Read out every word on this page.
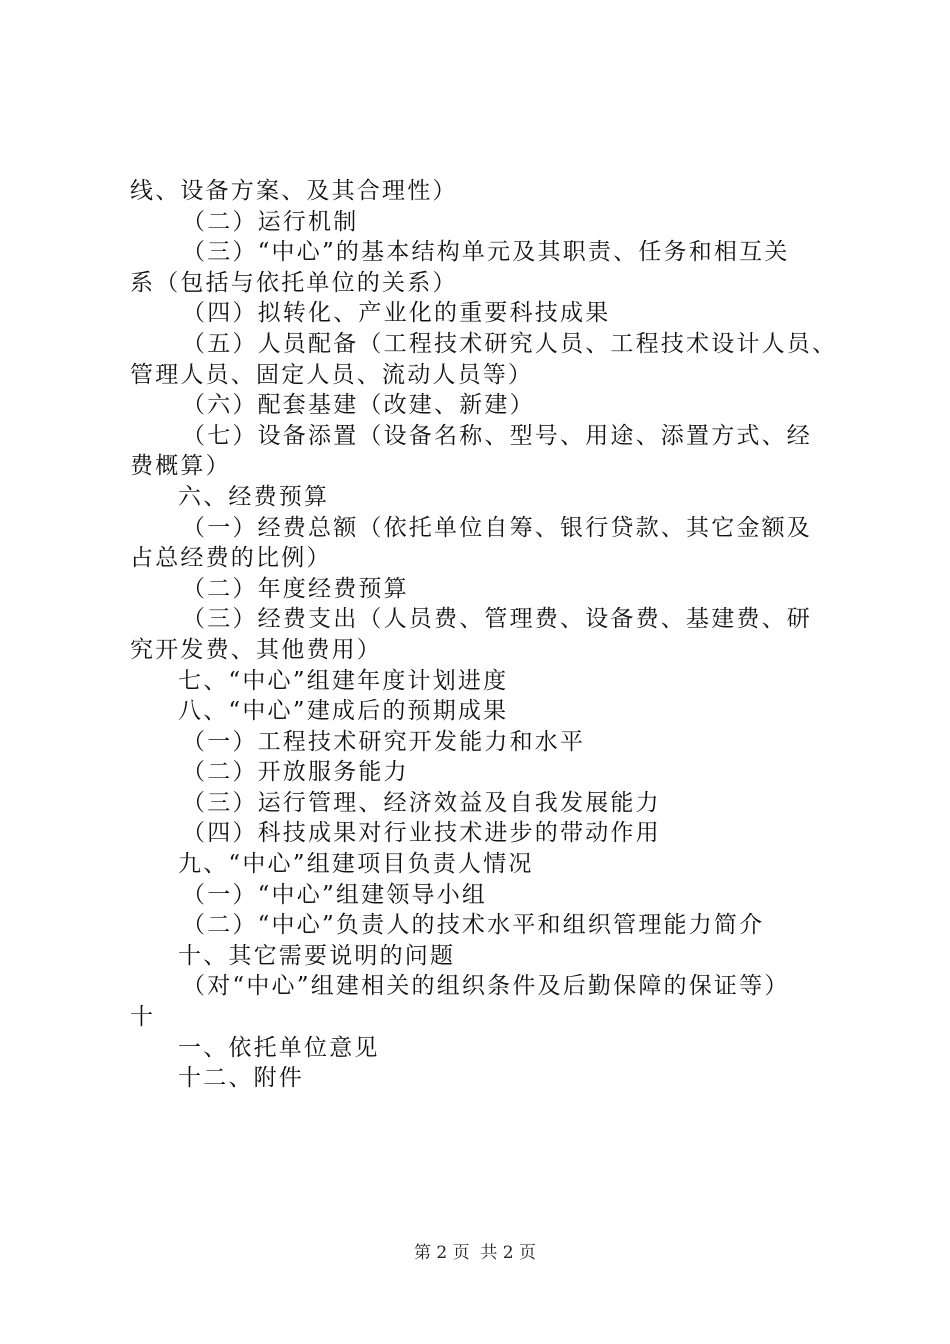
线、设备方案、及其合理性）
（二）运行机制
（三）“中心”的基本结构单元及其职责、任务和相互关
系（包括与依托单位的关系）
（四）拟转化、产业化的重要科技成果
（五）人员配备（工程技术研究人员、工程技术设计人员、
管理人员、固定人员、流动人员等）
（六）配套基建（改建、新建）
（七）设备添置（设备名称、型号、用途、添置方式、经
费概算）
六、经费预算
（一）经费总额（依托单位自筹、银行贷款、其它金额及
占总经费的比例）
（二）年度经费预算
（三）经费支出（人员费、管理费、设备费、基建费、研
究开发费、其他费用）
七、“中心”组建年度计划进度
八、“中心”建成后的预期成果
（一）工程技术研究开发能力和水平
（二）开放服务能力
（三）运行管理、经济效益及自我发展能力
（四）科技成果对行业技术进步的带动作用
九、“中心”组建项目负责人情况
（一）“中心”组建领导小组
（二）“中心”负责人的技术水平和组织管理能力简介
十、其它需要说明的问题
（对“中心”组建相关的组织条件及后勤保障的保证等）
十
一、依托单位意见
十二、附件
第 2 页  共 2 页
